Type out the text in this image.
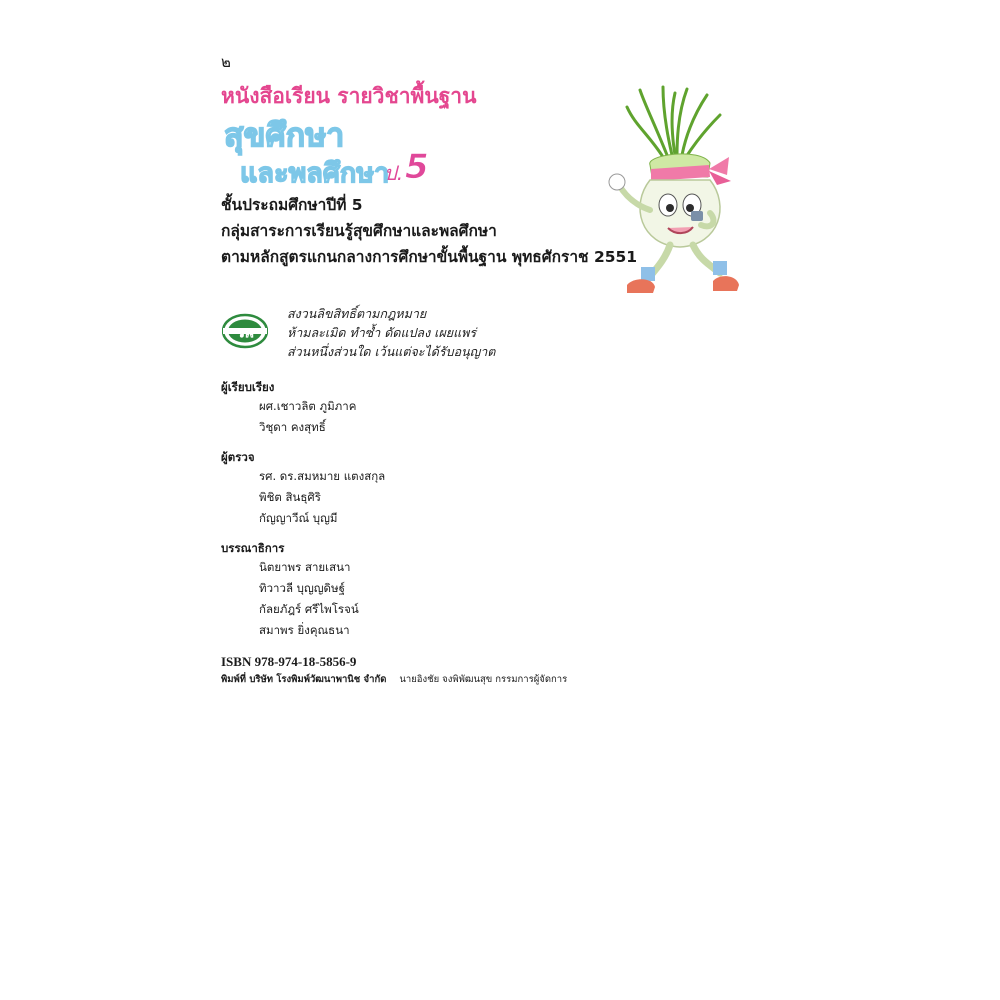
๒
หนังสือเรียน รายวิชาพื้นฐาน
สุขศึกษา
และพลศึกษา
ป. 5
ชั้นประถมศึกษาปีที่ 5
กลุ่มสาระการเรียนรู้สุขศึกษาและพลศึกษา
ตามหลักสูตรแกนกลางการศึกษาขั้นพื้นฐาน พุทธศักราช 2551
วพ
สงวนลิขสิทธิ์ตามกฎหมาย
ห้ามละเมิด ทำซ้ำ ดัดแปลง เผยแพร่
ส่วนหนึ่งส่วนใด เว้นแต่จะได้รับอนุญาต
ผู้เรียบเรียง
ผศ.เชาวลิต ภูมิภาค
วิชุดา คงสุทธิ์
ผู้ตรวจ
รศ. ดร.สมหมาย แตงสกุล
พิชิต สินธุศิริ
กัญญาวีณ์ บุญมี
บรรณาธิการ
นิตยาพร สายเสนา
ทิวาวลี บุญญดิษฐ์
กัลยภัฎร์ ศรีไพโรจน์
สมาพร ยิ่งคุณธนา
ISBN 978-974-18-5856-9
พิมพ์ที่ บริษัท โรงพิมพ์วัฒนาพานิช จำกัด นายอิงชัย จงพิพัฒนสุข กรรมการผู้จัดการ
